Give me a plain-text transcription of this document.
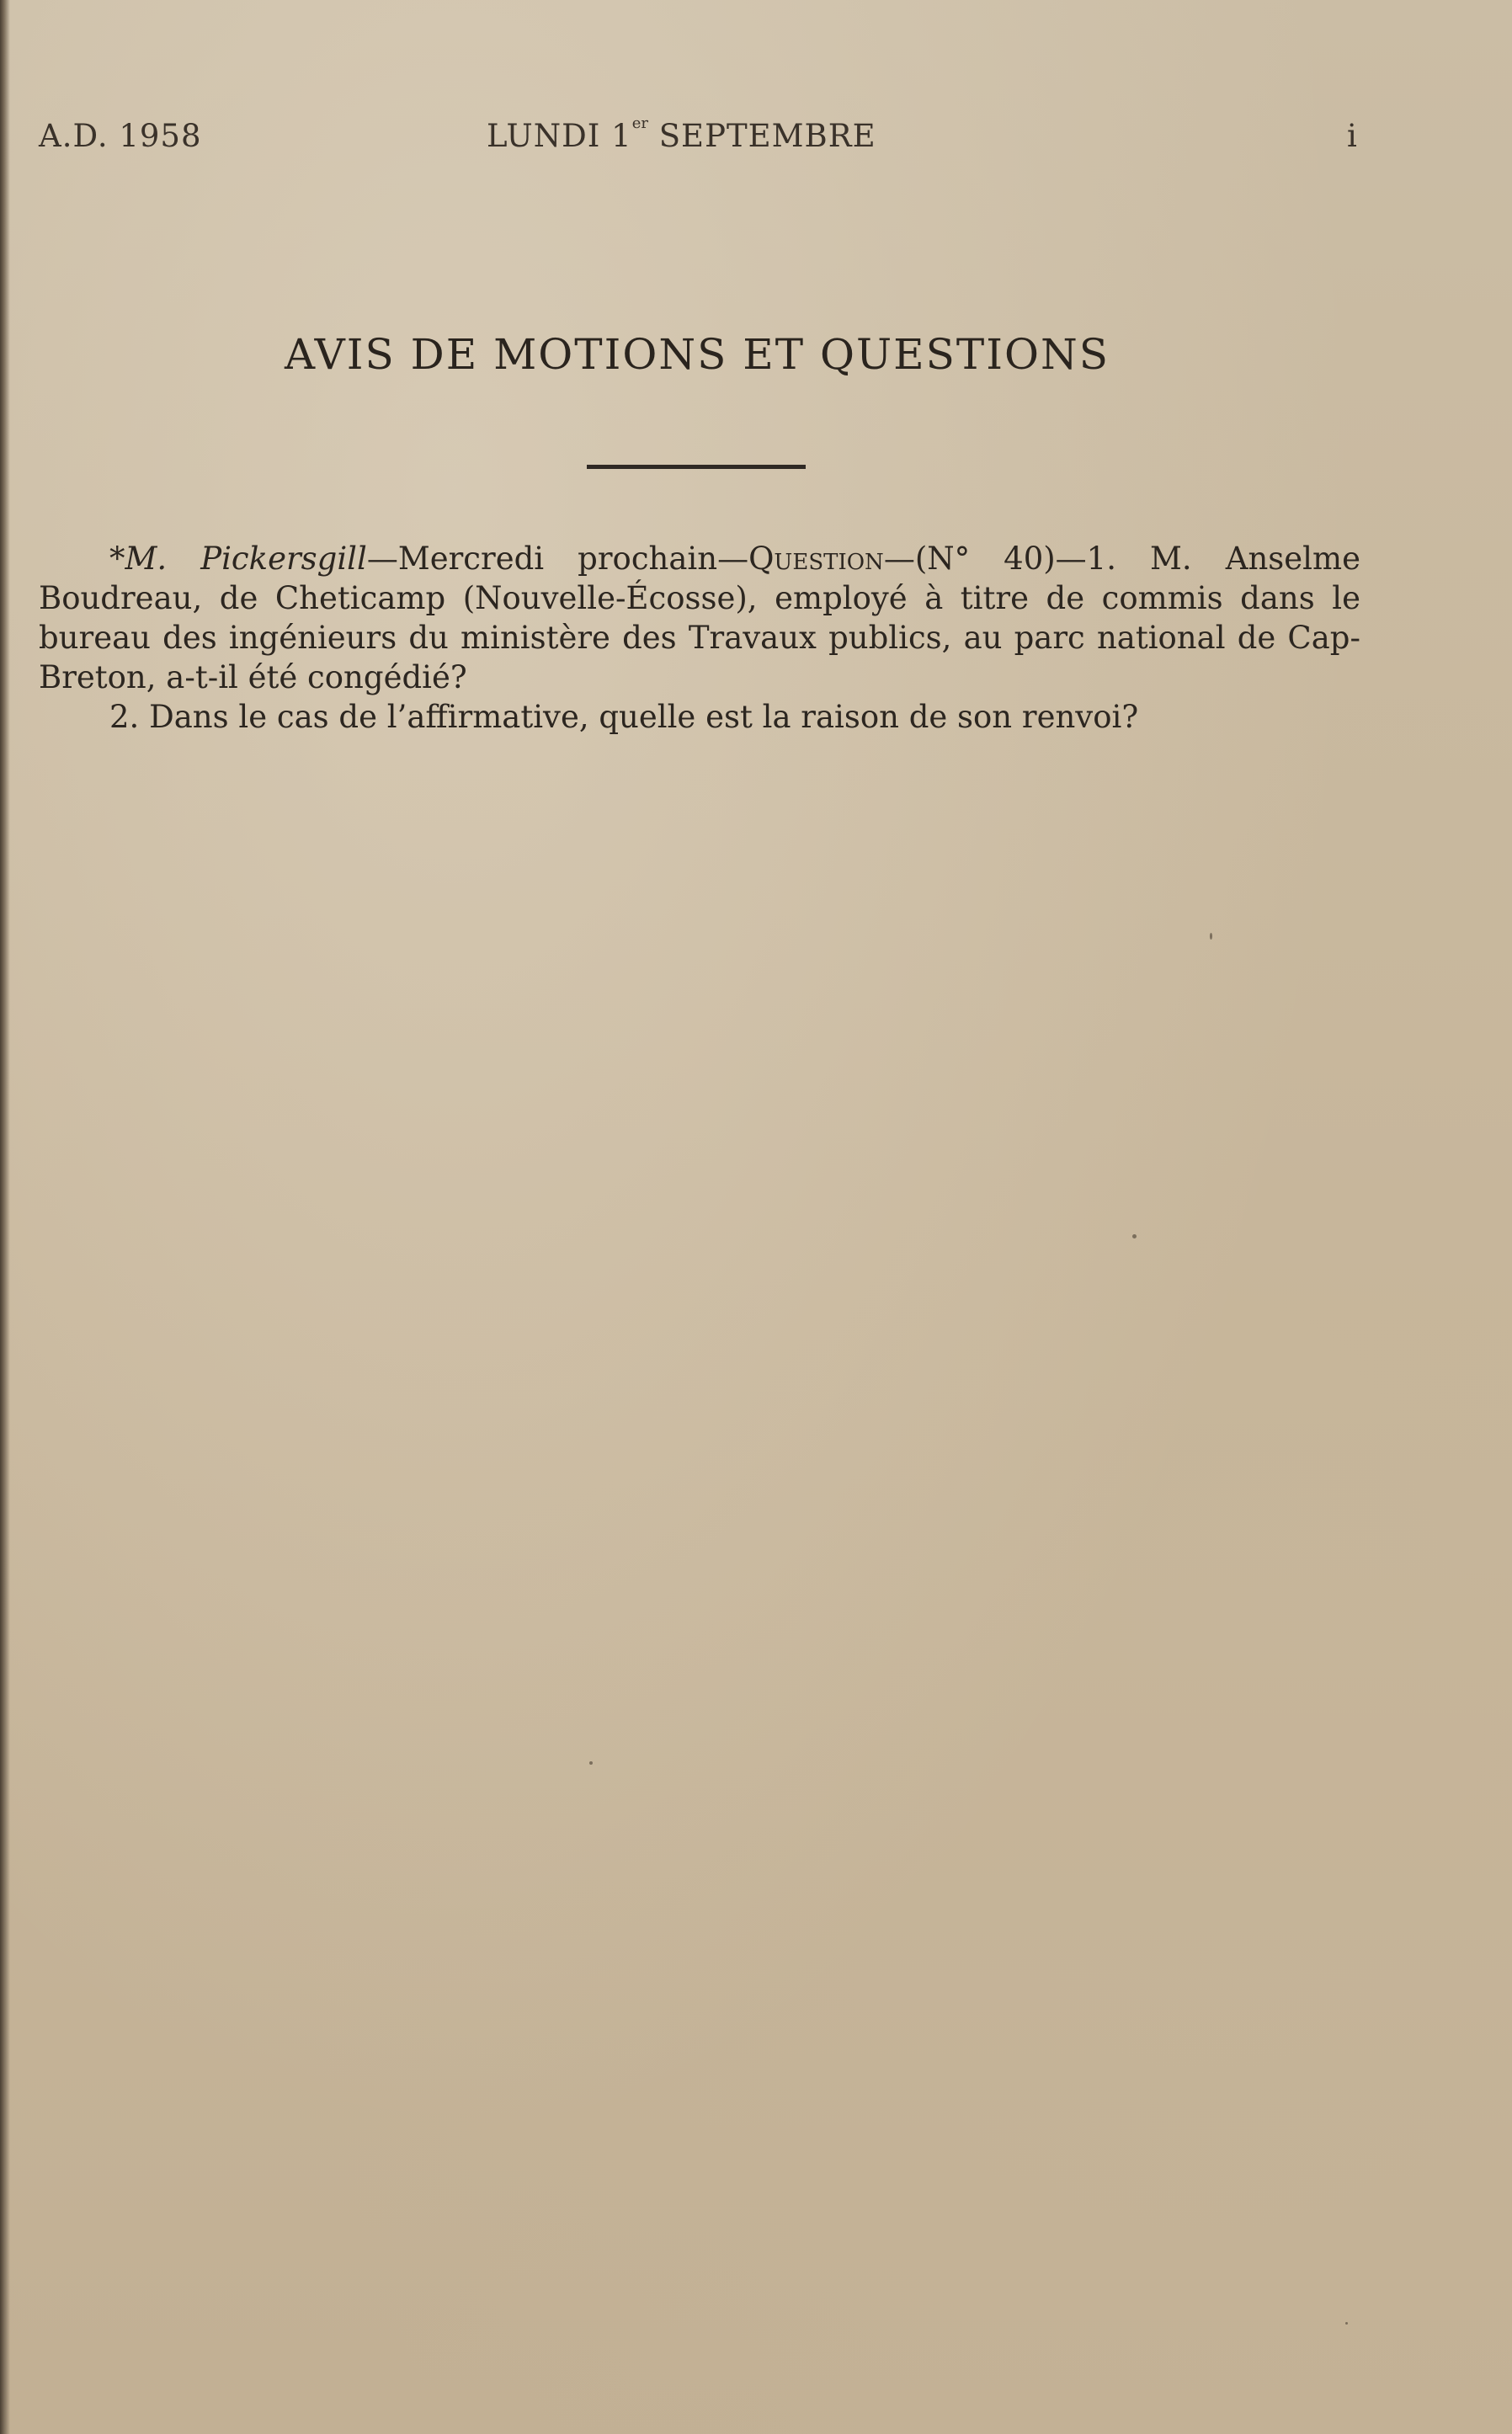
A.D. 1958	LUNDI 1er SEPTEMBRE	i
AVIS DE MOTIONS ET QUESTIONS

*M. Pickersgill—Mercredi prochain—Question—(N° 40)—1. M. Anselme Boudreau, de Cheticamp (Nouvelle-Écosse), employé à titre de commis dans le bureau des ingénieurs du ministère des Travaux publics, au parc national de Cap-Breton, a-t-il été congédié?

2. Dans le cas de l’affirmative, quelle est la raison de son renvoi?
